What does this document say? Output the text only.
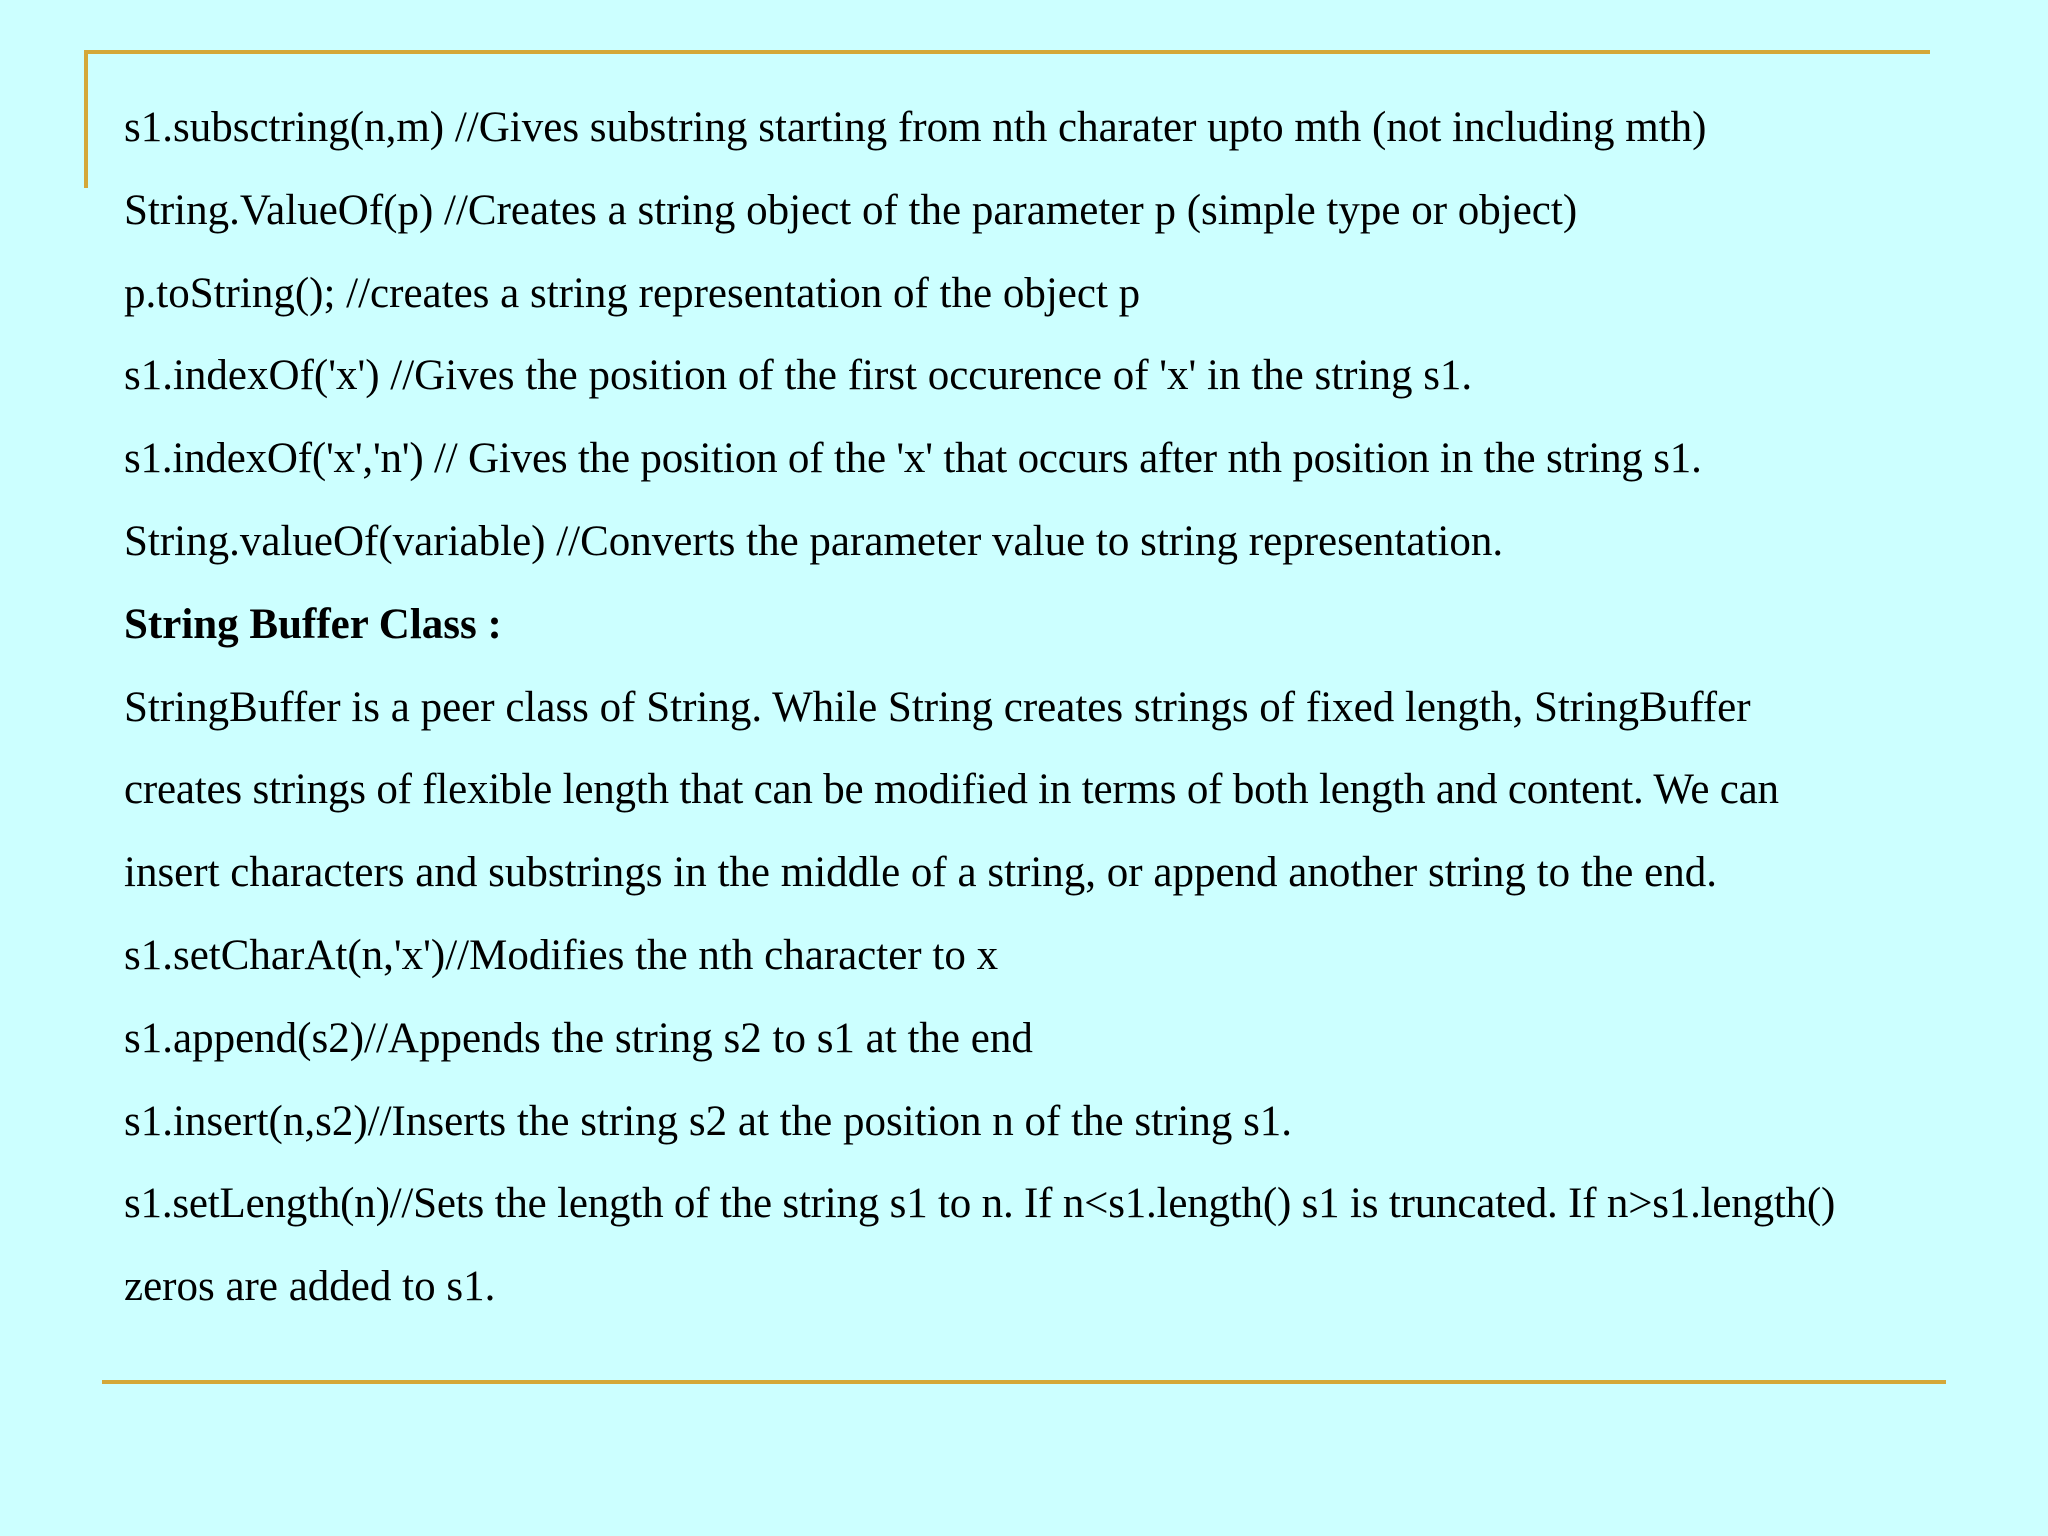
s1.subsctring(n,m) //Gives substring starting from nth charater upto mth (not including mth)
String.ValueOf(p) //Creates a string object of the parameter p (simple type or object)
p.toString(); //creates a string representation of the object p
s1.indexOf('x') //Gives the position of the first occurence of 'x' in the string s1.
s1.indexOf('x','n') // Gives the position of the 'x' that occurs after nth position in the string s1.
String.valueOf(variable) //Converts the parameter value to string representation.
String Buffer Class :
StringBuffer is a peer class of String. While String creates strings of fixed length, StringBuffer
creates strings of flexible length that can be modified in terms of both length and content. We can
insert characters and substrings in the middle of a string, or append another string to the end.
s1.setCharAt(n,'x')//Modifies the nth character to x
s1.append(s2)//Appends the string s2 to s1 at the end
s1.insert(n,s2)//Inserts the string s2 at the position n of the string s1.
s1.setLength(n)//Sets the length of the string s1 to n. If n<s1.length() s1 is truncated. If n>s1.length()
zeros are added to s1.
